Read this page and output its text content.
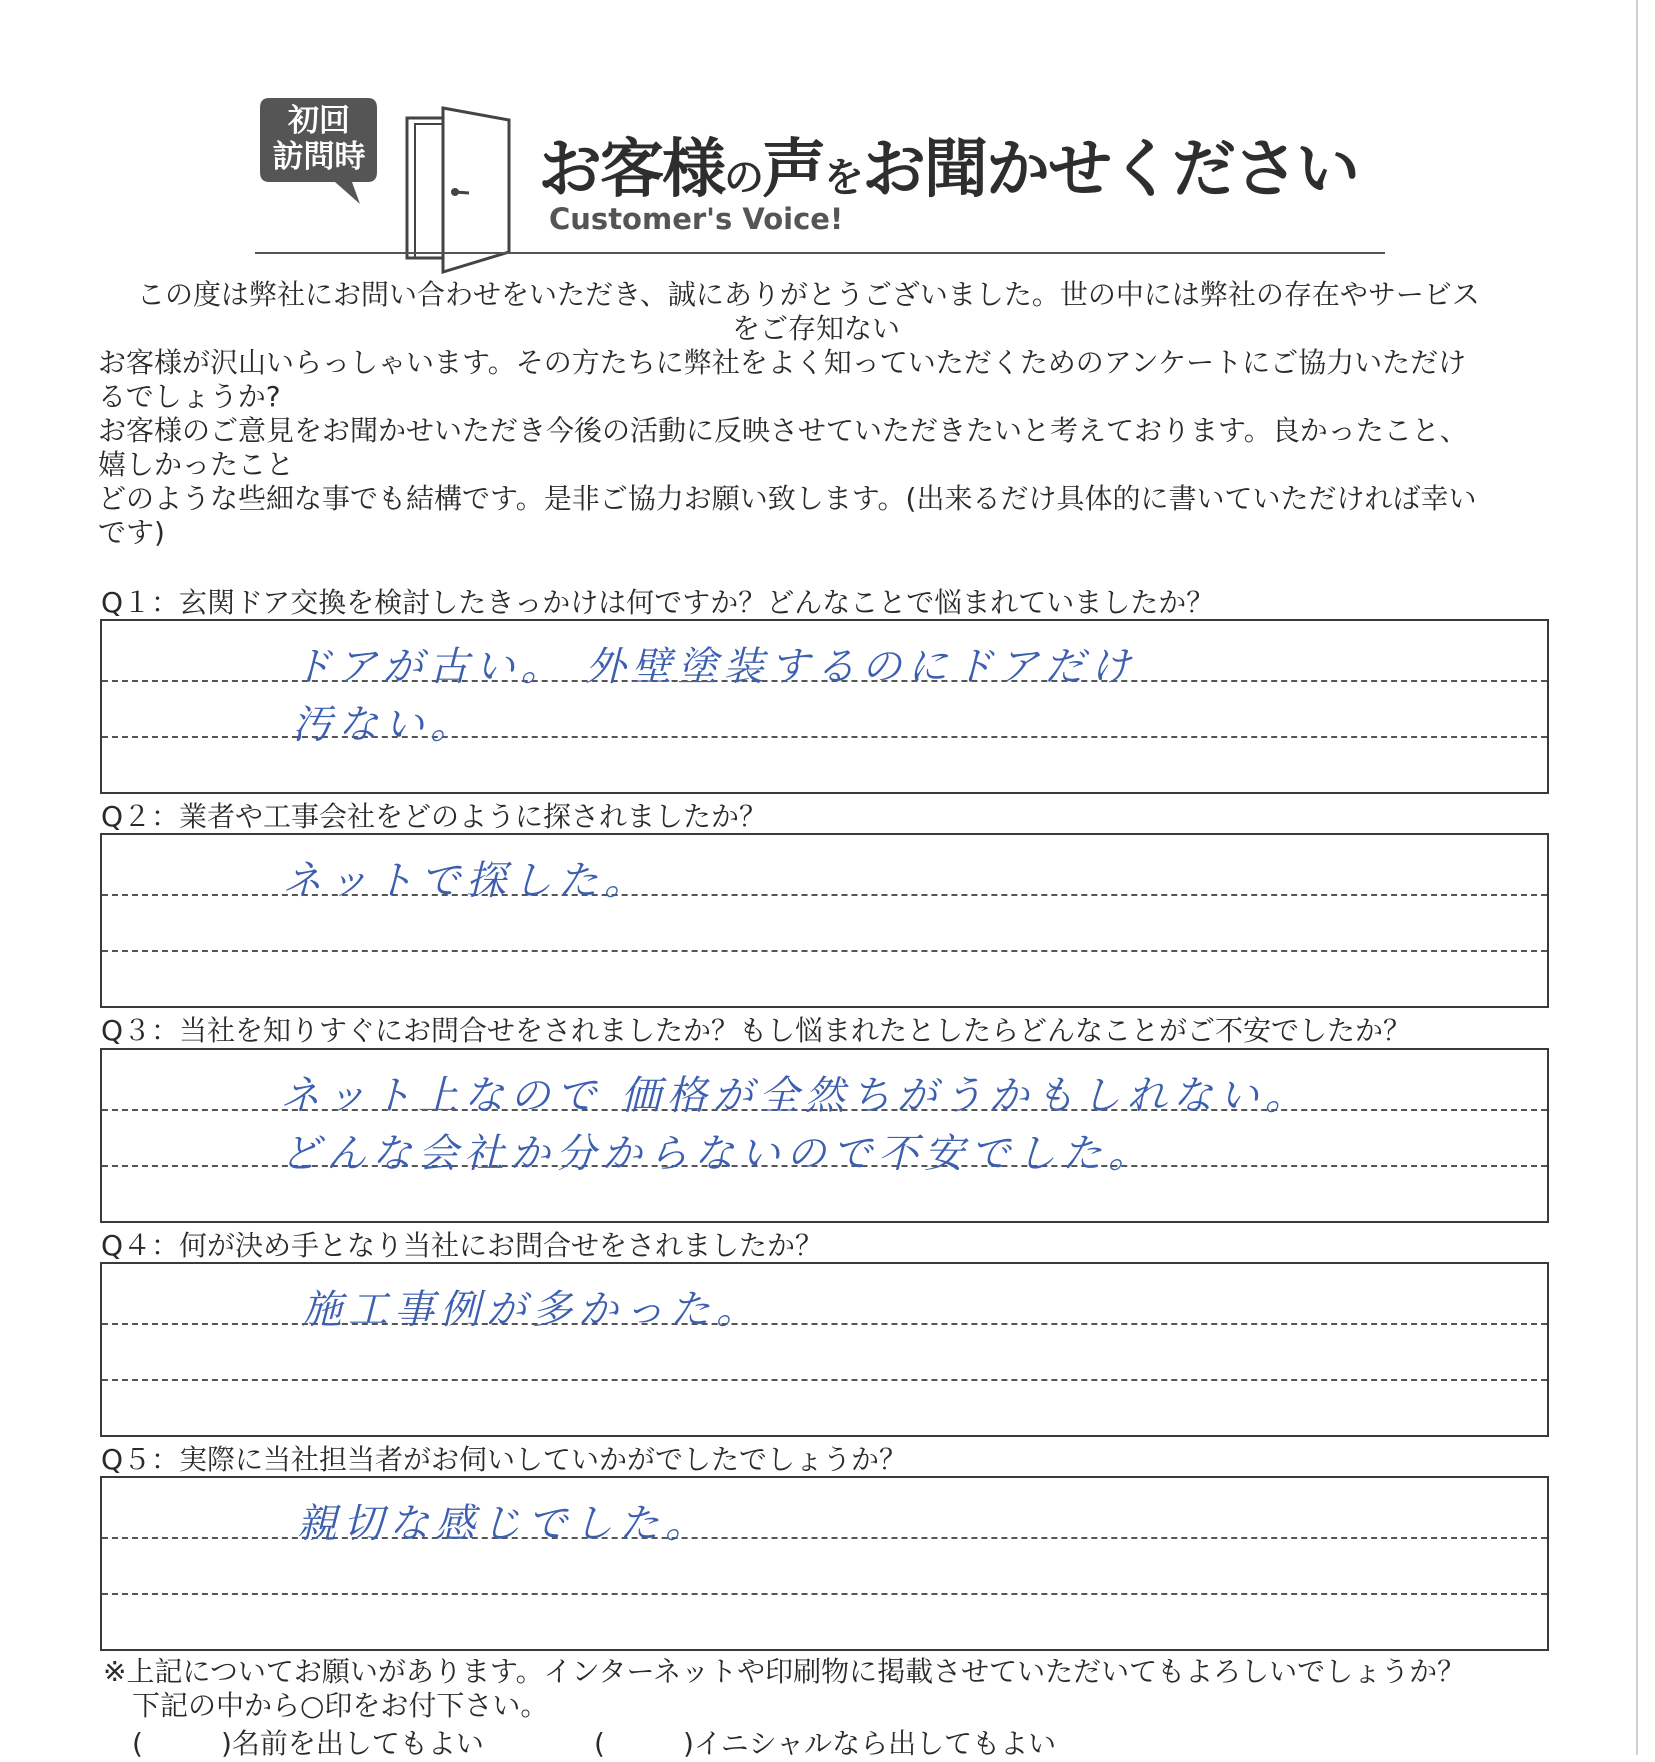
初回
訪問時	お客様の声をお聞かせください
Customer's Voice!
この度は弊社にお問い合わせをいただき、誠にありがとうございました。世の中には弊社の存在やサービス
をご存知ない
お客様が沢山いらっしゃいます。その方たちに弊社をよく知っていただくためのアンケートにご協力いただけ
るでしょうか?
お客様のご意見をお聞かせいただき今後の活動に反映させていただきたいと考えております。良かったこと、
嬉しかったこと
どのような些細な事でも結構です。是非ご協力お願い致します。(出来るだけ具体的に書いていただければ幸い
です)
Q１：玄関ドア交換を検討したきっかけは何ですか？どんなことで悩まれていましたか？
ドアが古い。 外壁塗装するのにドアだけ
汚ない。
Q２：業者や工事会社をどのように探されましたか？
ネットで探した。
Q３：当社を知りすぐにお問合せをされましたか？もし悩まれたとしたらどんなことがご不安でしたか？
ネット上なので 価格が全然ちがうかもしれない。
どんな会社か分からないので不安でした。
Q４：何が決め手となり当社にお問合せをされましたか？
施工事例が多かった。
Q５：実際に当社担当者がお伺いしていかがでしたでしょうか？
親切な感じでした。
※上記についてお願いがあります。インターネットや印刷物に掲載させていただいてもよろしいでしょうか？
下記の中から○印をお付下さい。
(	)名前を出してもよい	(	)イニシャルなら出してもよい
